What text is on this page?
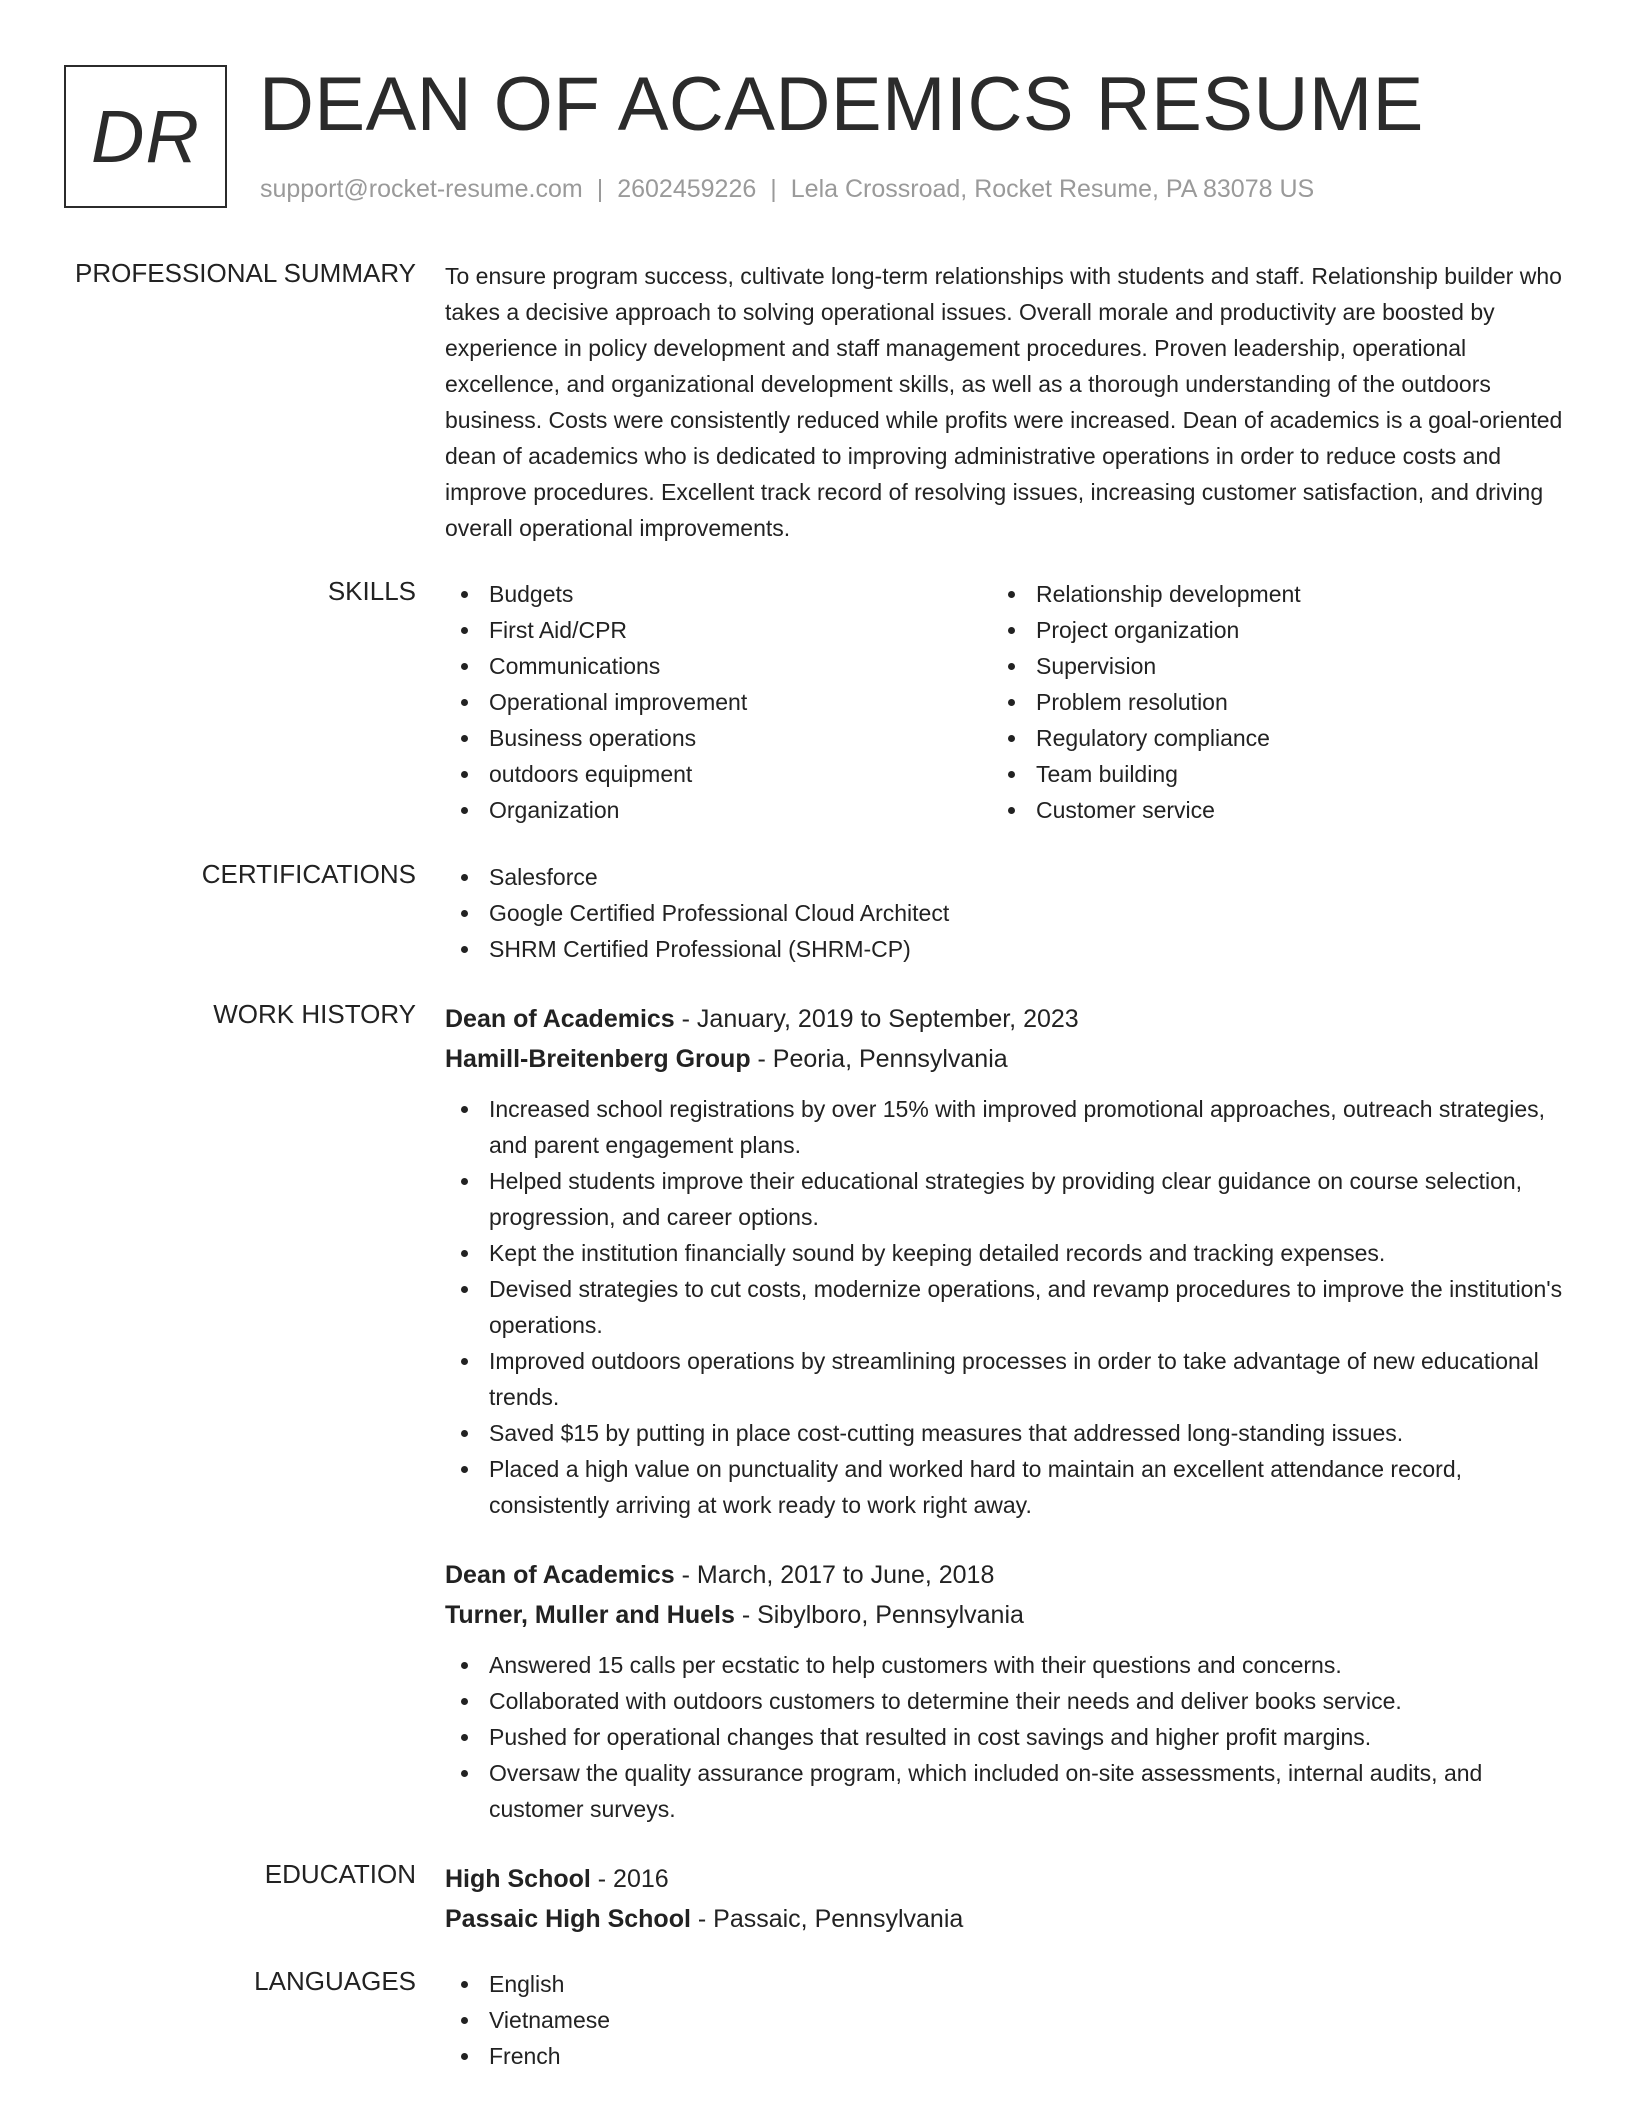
DR DEAN OF ACADEMICS RESUME
support@rocket-resume.com | 2602459226 | Lela Crossroad, Rocket Resume, PA 83078 US
PROFESSIONAL SUMMARY To ensure program success, cultivate long-term relationships with students and staff. Relationship builder who takes a decisive approach to solving operational issues. Overall morale and productivity are boosted by experience in policy development and staff management procedures. Proven leadership, operational excellence, and organizational development skills, as well as a thorough understanding of the outdoors business. Costs were consistently reduced while profits were increased. Dean of academics is a goal-oriented dean of academics who is dedicated to improving administrative operations in order to reduce costs and improve procedures. Excellent track record of resolving issues, increasing customer satisfaction, and driving overall operational improvements.

SKILLS	Budgets
First Aid/CPR
Communications
Operational improvement
Business operations
outdoors equipment
Organization
Relationship development
Project organization
Supervision
Problem resolution
Regulatory compliance
Team building
Customer service
CERTIFICATIONS	Salesforce
Google Certified Professional Cloud Architect
SHRM Certified Professional (SHRM-CP)
WORK HISTORY Dean of Academics - January, 2019 to September, 2023
Hamill-Breitenberg Group - Peoria, Pennsylvania
Increased school registrations by over 15% with improved promotional approaches, outreach strategies, and parent engagement plans.
Helped students improve their educational strategies by providing clear guidance on course selection, progression, and career options.
Kept the institution financially sound by keeping detailed records and tracking expenses.
Devised strategies to cut costs, modernize operations, and revamp procedures to improve the institution's operations.
Improved outdoors operations by streamlining processes in order to take advantage of new educational trends.
Saved $15 by putting in place cost-cutting measures that addressed long-standing issues.
Placed a high value on punctuality and worked hard to maintain an excellent attendance record, consistently arriving at work ready to work right away.
Dean of Academics - March, 2017 to June, 2018
Turner, Muller and Huels - Sibylboro, Pennsylvania
Answered 15 calls per ecstatic to help customers with their questions and concerns.
Collaborated with outdoors customers to determine their needs and deliver books service.
Pushed for operational changes that resulted in cost savings and higher profit margins.
Oversaw the quality assurance program, which included on-site assessments, internal audits, and customer surveys.
EDUCATION High School - 2016
Passaic High School - Passaic, Pennsylvania
LANGUAGES	English
Vietnamese
French
